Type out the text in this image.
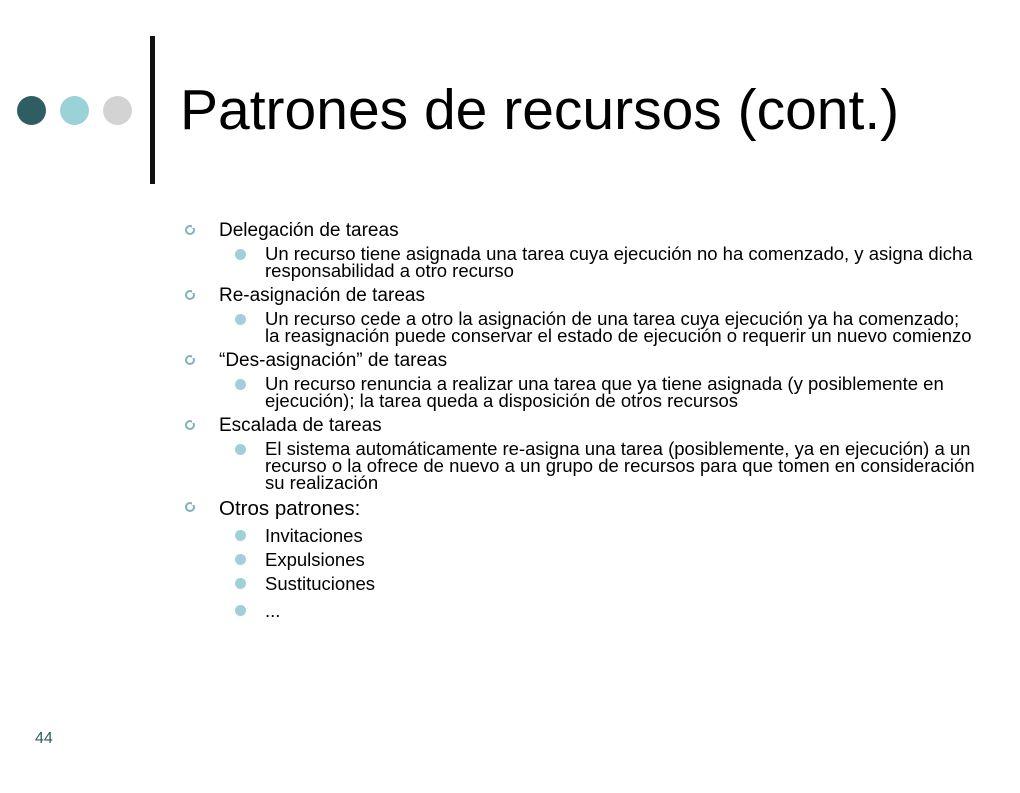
Patrones de recursos (cont.)
Delegación de tareas
Un recurso tiene asignada una tarea cuya ejecución no ha comenzado, y asigna dicha responsabilidad a otro recurso
Re-asignación de tareas
Un recurso cede a otro la asignación de una tarea cuya ejecución ya ha comenzado; la reasignación puede conservar el estado de ejecución o requerir un nuevo comienzo
“Des-asignación” de tareas
Un recurso renuncia a realizar una tarea que ya tiene asignada (y posiblemente en ejecución); la tarea queda a disposición de otros recursos
Escalada de tareas
El sistema automáticamente re-asigna una tarea (posiblemente, ya en ejecución) a un recurso o la ofrece de nuevo a un grupo de recursos para que tomen en consideración su realización
Otros patrones:
Invitaciones
Expulsiones
Sustituciones
...
44
